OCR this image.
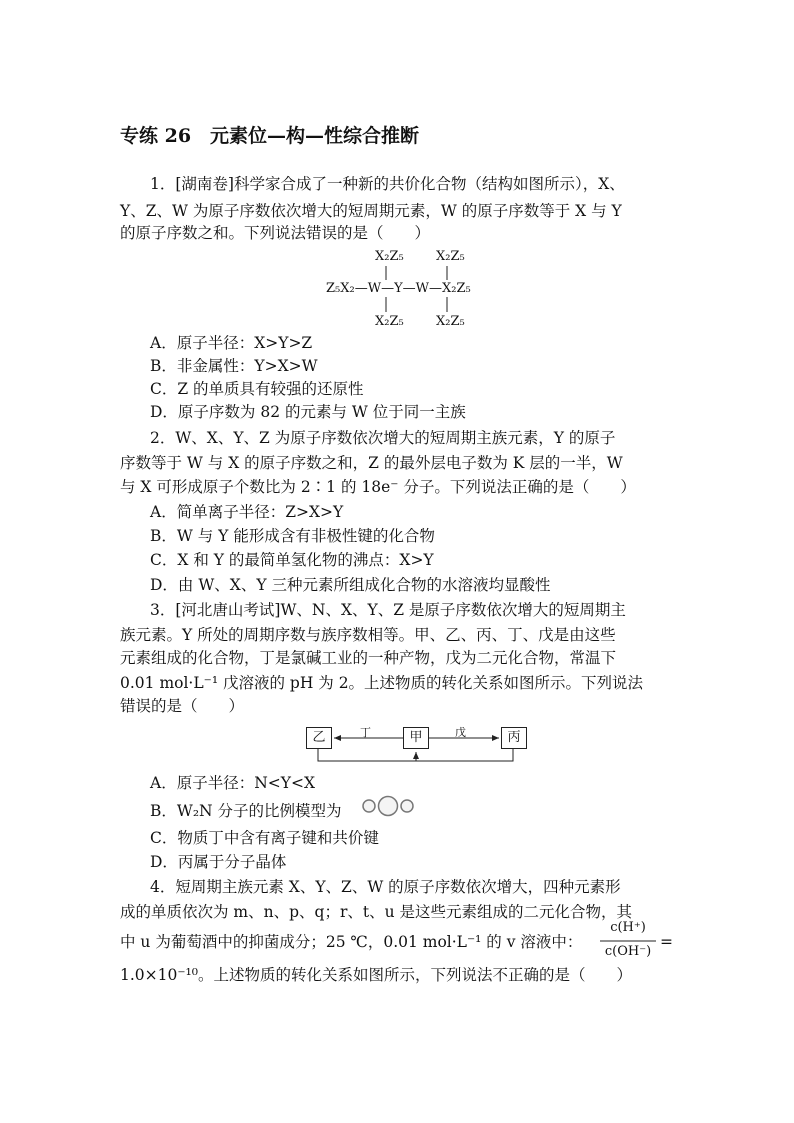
专练 26　元素位—构—性综合推断
1．[湖南卷]科学家合成了一种新的共价化合物（结构如图所示），X、
Y、Z、W 为原子序数依次增大的短周期元素，W 的原子序数等于 X 与 Y
的原子序数之和。下列说法错误的是（　　）
X₂Z₅ X₂Z₅
Z₅X₂—W—Y—W—X₂Z₅
X₂Z₅ X₂Z₅
A．原子半径：X>Y>Z
B．非金属性：Y>X>W
C．Z 的单质具有较强的还原性
D．原子序数为 82 的元素与 W 位于同一主族
2．W、X、Y、Z 为原子序数依次增大的短周期主族元素，Y 的原子
序数等于 W 与 X 的原子序数之和，Z 的最外层电子数为 K 层的一半，W
与 X 可形成原子个数比为 2∶1 的 18e⁻ 分子。下列说法正确的是（　　）
A．简单离子半径：Z>X>Y
B．W 与 Y 能形成含有非极性键的化合物
C．X 和 Y 的最简单氢化物的沸点：X>Y
D．由 W、X、Y 三种元素所组成化合物的水溶液均显酸性
3．[河北唐山考试]W、N、X、Y、Z 是原子序数依次增大的短周期主
族元素。Y 所处的周期序数与族序数相等。甲、乙、丙、丁、戊是由这些
元素组成的化合物，丁是氯碱工业的一种产物，戊为二元化合物，常温下
0.01 mol·L⁻¹ 戊溶液的 pH 为 2。上述物质的转化关系如图所示。下列说法
错误的是（　　）
乙	甲	丙
丁	戊
A．原子半径：N<Y<X
B．W₂N 分子的比例模型为
C．物质丁中含有离子键和共价键
D．丙属于分子晶体
4．短周期主族元素 X、Y、Z、W 的原子序数依次增大，四种元素形
成的单质依次为 m、n、p、q；r、t、u 是这些元素组成的二元化合物，其
中 u 为葡萄酒中的抑菌成分；25 ℃，0.01 mol·L⁻¹ 的 v 溶液中：
c(H⁺)
c(OH⁻)
=
1.0×10⁻¹⁰。上述物质的转化关系如图所示，下列说法不正确的是（　　）
